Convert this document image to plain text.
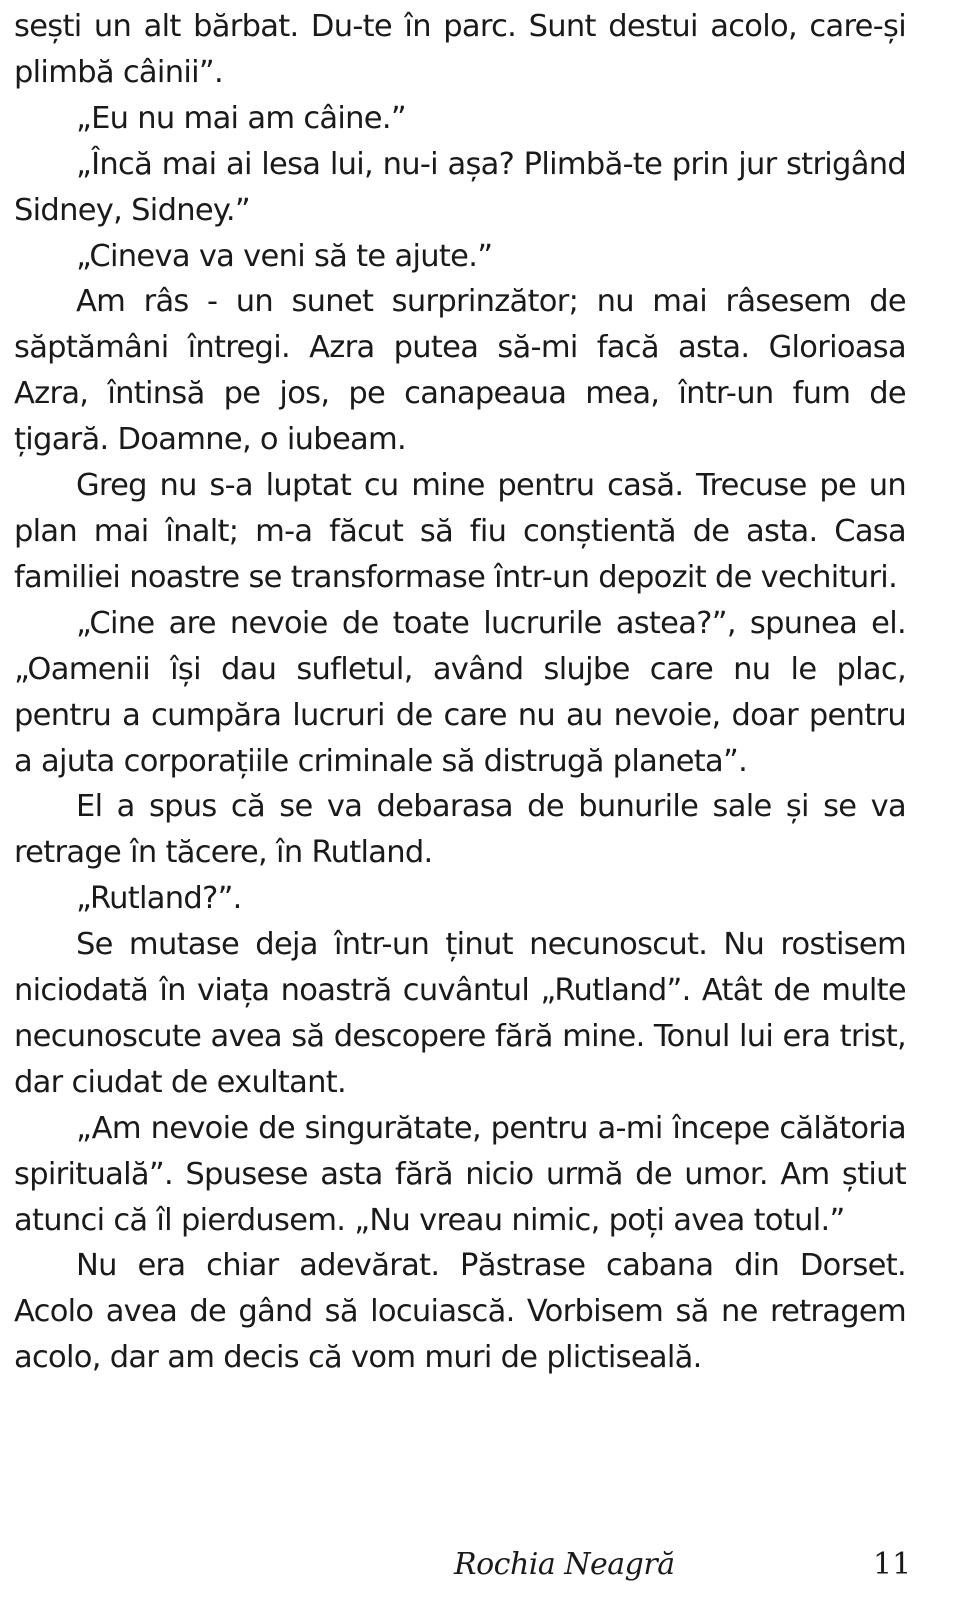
sești un alt bărbat. Du-te în parc. Sunt destui acolo, care-și plimbă câinii”.

„Eu nu mai am câine.”

„Încă mai ai lesa lui, nu-i așa? Plimbă-te prin jur strigând Sidney, Sidney.”

„Cineva va veni să te ajute.”

Am râs - un sunet surprinzător; nu mai râsesem de săptămâni întregi. Azra putea să-mi facă asta. Glorioasa Azra, întinsă pe jos, pe canapeaua mea, într-un fum de țigară. Doamne, o iubeam.

Greg nu s-a luptat cu mine pentru casă. Trecuse pe un plan mai înalt; m-a făcut să fiu conștientă de asta. Casa familiei noastre se transformase într-un depozit de vechituri.

„Cine are nevoie de toate lucrurile astea?”, spunea el. „Oamenii își dau sufletul, având slujbe care nu le plac, pentru a cumpăra lucruri de care nu au nevoie, doar pentru a ajuta corporațiile criminale să distrugă planeta”.

El a spus că se va debarasa de bunurile sale și se va retrage în tăcere, în Rutland.

„Rutland?”.

Se mutase deja într-un ținut necunoscut. Nu rostisem niciodată în viața noastră cuvântul „Rutland”. Atât de multe necunoscute avea să descopere fără mine. Tonul lui era trist, dar ciudat de exultant.

„Am nevoie de singurătate, pentru a-mi începe călătoria spirituală”. Spusese asta fără nicio urmă de umor. Am știut atunci că îl pierdusem. „Nu vreau nimic, poți avea totul.”

Nu era chiar adevărat. Păstrase cabana din Dorset. Acolo avea de gând să locuiască. Vorbisem să ne retragem acolo, dar am decis că vom muri de plictiseală.

Rochia Neagră	11
